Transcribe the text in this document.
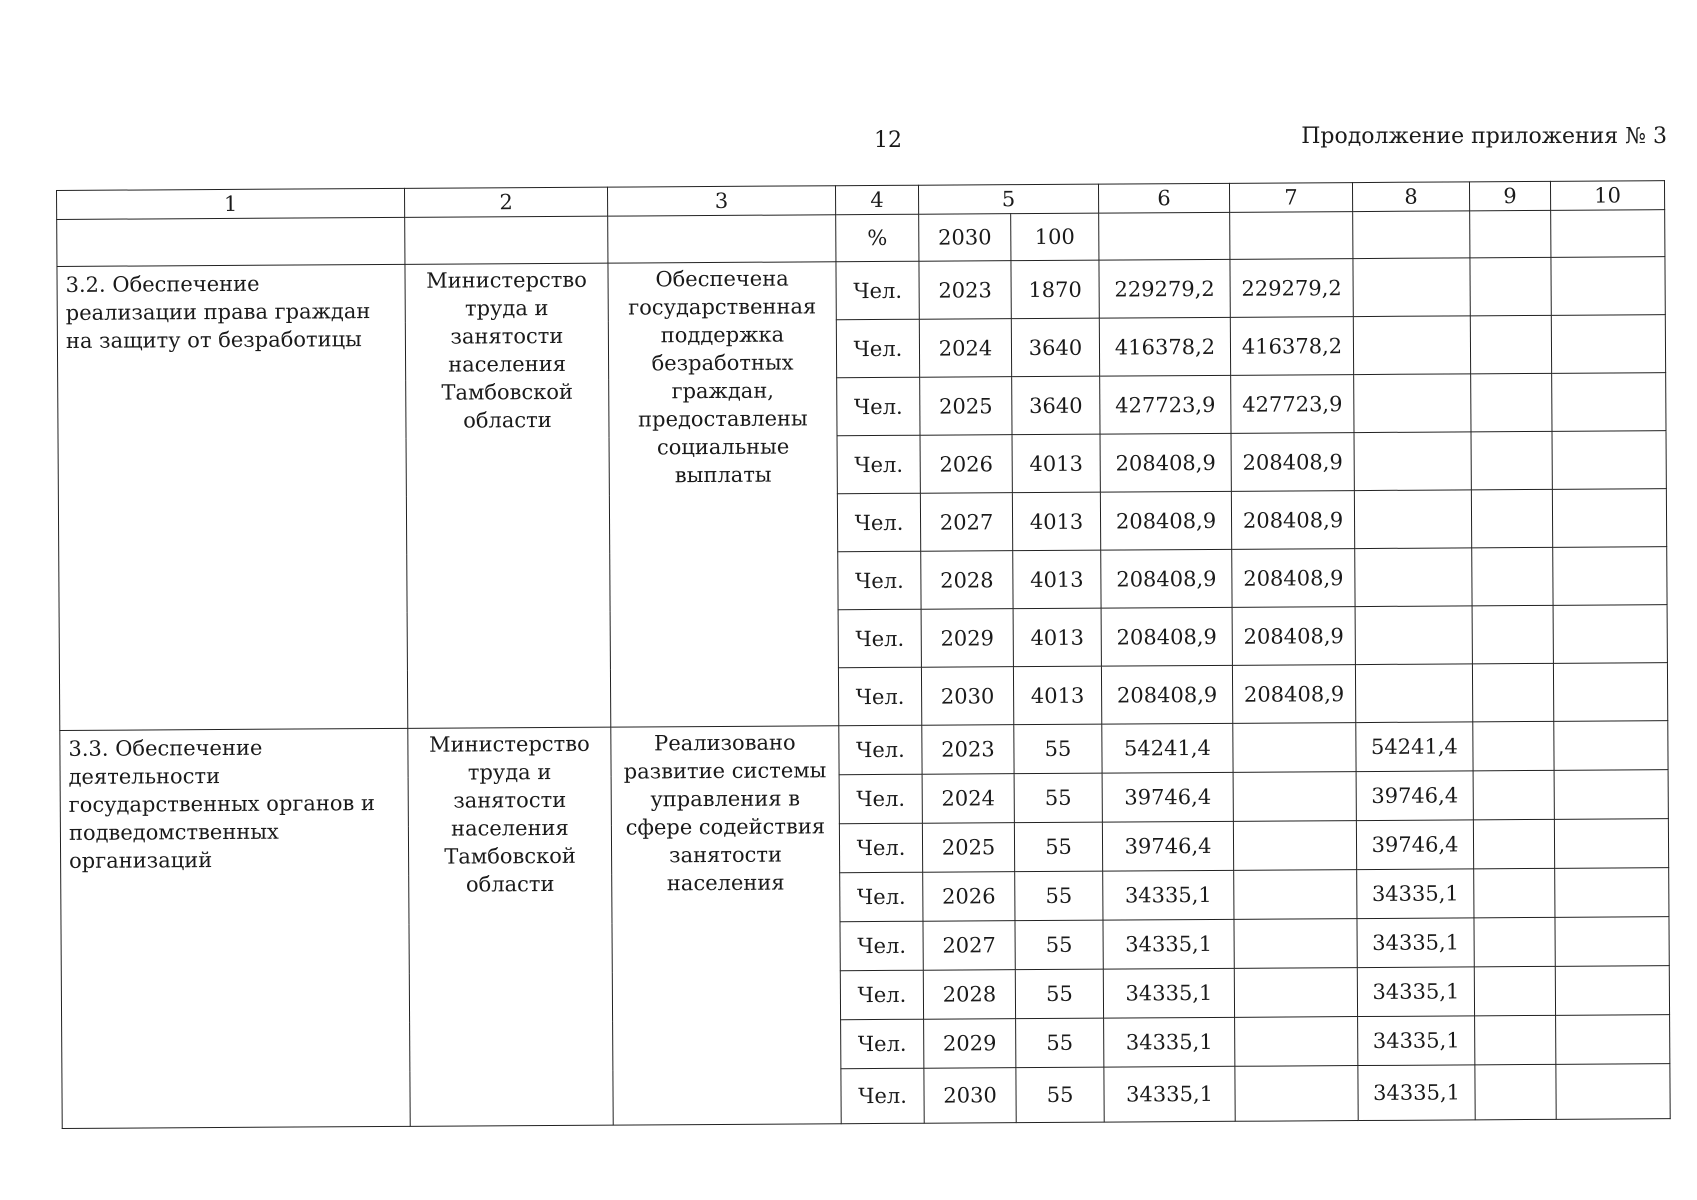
12	Продолжение приложения № 3
1	2	3	4	5		6	7	8	9	10
			%	2030	100					
3.2. Обеспечение реализации права граждан на защиту от безработицы	Министерство труда и занятости населения Тамбовской области	Обеспечена государственная поддержка безработных граждан, предоставлены социальные выплаты	Чел.	2023	1870	229279,2	229279,2			
			Чел.	2024	3640	416378,2	416378,2			
			Чел.	2025	3640	427723,9	427723,9			
			Чел.	2026	4013	208408,9	208408,9			
			Чел.	2027	4013	208408,9	208408,9			
			Чел.	2028	4013	208408,9	208408,9			
			Чел.	2029	4013	208408,9	208408,9			
			Чел.	2030	4013	208408,9	208408,9			
3.3. Обеспечение деятельности государственных органов и подведомственных организаций	Министерство труда и занятости населения Тамбовской области	Реализовано развитие системы управления в сфере содействия занятости населения	Чел.	2023	55	54241,4		54241,4		
			Чел.	2024	55	39746,4		39746,4		
			Чел.	2025	55	39746,4		39746,4		
			Чел.	2026	55	34335,1		34335,1		
			Чел.	2027	55	34335,1		34335,1		
			Чел.	2028	55	34335,1		34335,1		
			Чел.	2029	55	34335,1		34335,1		
			Чел.	2030	55	34335,1		34335,1		
